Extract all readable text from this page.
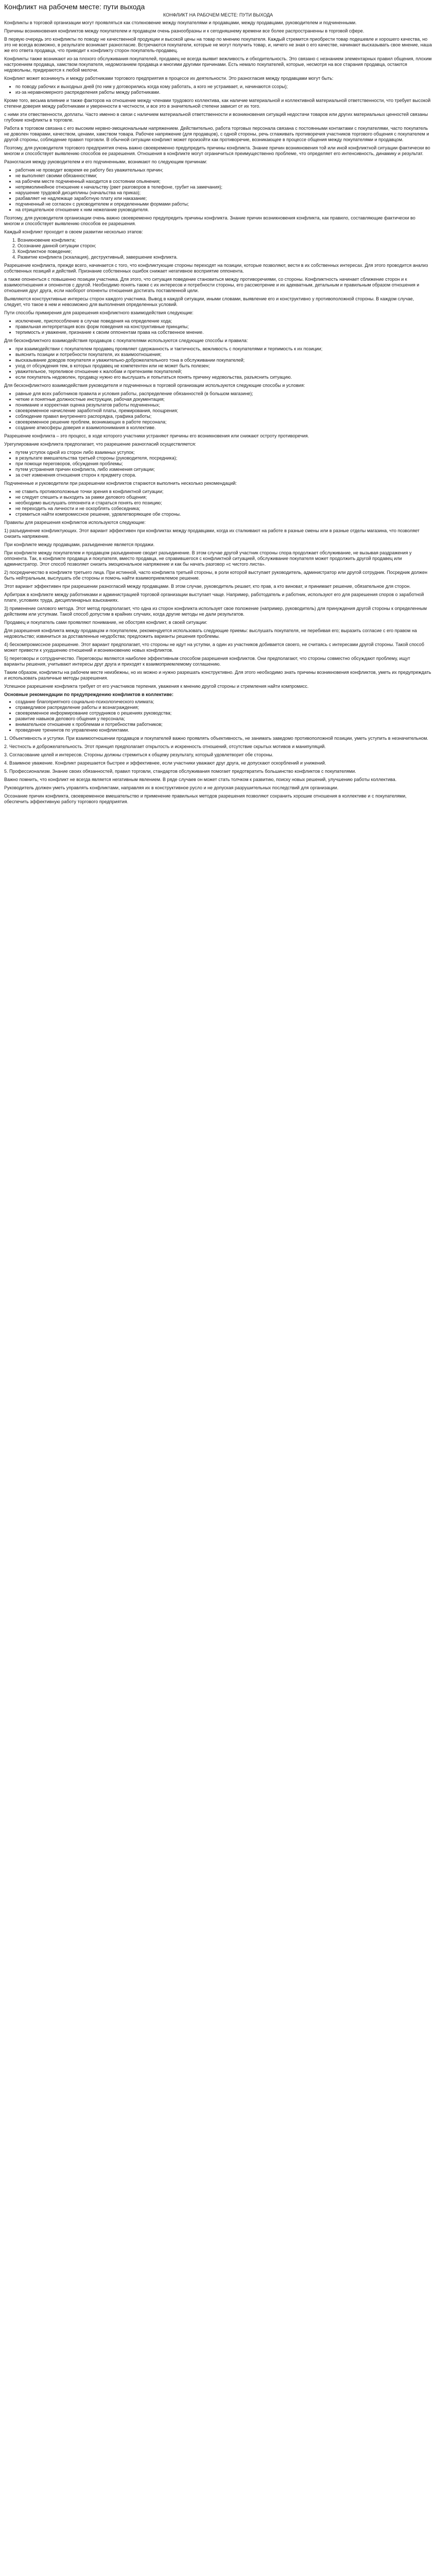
Конфликт на рабочем месте: пути выхода
КОНФЛИКТ НА РАБОЧЕМ МЕСТЕ: ПУТИ ВЫХОДА

Конфликты в торговой организации могут проявляться как столкновение между покупателями и продавцами, между продавцами, руководителем и подчиненными.

Причины возникновения конфликтов между покупателем и продавцом очень разнообразны и к сегодняшнему времени все более распространенны в торговой сфере.

В первую очередь это конфликты по поводу не качественной продукции и высокой цены на товар по мнению покупателя. Каждый стремится приобрести товар подешевле и хорошего качества, но это не всегда возможно, в результате возникает разногласие. Встречаются покупатели, которые не могут получить товар, и, ничего не зная о его качестве, начинают высказывать свое мнение, наша же его ответа продавца, что приводит к конфликту сторон покупатель-продавец.

Конфликты также возникают из-за плохого обслуживания покупателей, продавец не всегда выявит вежливость и обходительность. Это связано с незнанием элементарных правил общения, плохим настроением продавца, хамством покупателя, недомоганием продавца и многими другими причинами. Есть немало покупателей, которые, несмотря на все старания продавца, остаются недовольны, придираются к любой мелочи.

Конфликт может возникнуть и между работниками торгового предприятия в процессе их деятельности. Это разногласия между продавцами могут быть:

• по поводу рабочих и выходных дней (по ним у договорились когда кому работать, а кого не устраивает, и, начинаются ссоры);
• из-за неравномерного распределения работы между работниками.

Кроме того, весьма влияние и также факторов на отношение между членами трудового коллектива, как наличие материальной и коллективной материальной ответственности, что требует высокой степени доверия между работниками и уверенности в честности, и все это в значительной степени зависит от их того.

с ними эти отвественности, доплаты. Часто именно в связи с наличием материальной ответственности и возникновения ситуаций недостачи товаров или других материальных ценностей связаны глубокие конфликты в торговле.

Работа в торговом связана с его высоким нервно-эмоциональным напряжением. Действительно, работа торговых персонала связана с постоянными контактами с покупателями, часто покупатель не доволен товарами, качеством, ценами, хамством товара. Рабочее напряжение (для продавцов), с одной стороны, речь сглаживать противоречия участников торгового общения с покупателем и другой стороны, соблюдение правил торговли. В обычной ситуации конфликт может произойти как противоречие, возникающее в процессе общения между покупателями и продавцом.

Поэтому, для руководителя торгового предприятия очень важно своевременно предупредить причины конфликта. Знание причин возникновения той или иной конфликтной ситуации фактически во многом и способствует выявлению способов ее разрешения. Отношения в конфликте могут ограничиться преимущественно проблеме, что определяет его интенсивность, динамику и результат.

Разногласия между руководителем и его подчиненными, возникают по следующим причинам:

• работник не проводит вовремя ее работу без уважительных причин;
• не выполняет своими обязанностями;
• на рабочем месте подчиненный находится в состоянии опьянения;
• непрямолинейное отношение к начальству (рвет разговоров в телефоне, грубит на замечания);
• нарушение трудовой дисциплины (начальства на приказ);
• разбавляет не надлежаще заработную плату или наказание;
• подчиненный не согласен с руководителем и определенными формами работы;
• на отрицательное отношение к ним нежелание руководителя.

Поэтому, для руководителя организации очень важно своевременно предупредить причины конфликта. Знание причин возникновения конфликта, как правило, составляющие фактически во многом и способствует выявлению способов ее разрешения.

Каждый конфликт проходит в своем развитии несколько этапов:

1. Возникновение конфликта;
2. Осознание данной ситуации сторон;
3. Конфликтное поведение;
4. Развитие конфликта (эскалация), деструктивный, завершение конфликта.

Разрешение конфликта, прежде всего, начинается с того, что конфликтующие стороны переходят на позиции, которые позволяют, вести в их собственных интересах. Для этого проводится анализ собственных позиций и действий. Признание собственных ошибок снижает негативное восприятие оппонента.

а также опоненться с повышенно позиции участника. Для этого, что ситуация поведение становиться между противоречиями, со стороны. Конфликтность начинает сближение сторон и к взаимоотношения и опонентов с другой. Необходимо понять также с их интересов и потребности стороны, его рассмотрение и их адекватным, детальным и правильным образом отношения и отношения друг друга, если наоборот опоненты отношения достигать поставленной цели.

Выявляются конструктивные интересы сторон каждого участника. Вывод в каждой ситуации, иными словами, выявление его и конструктивно у противоположной стороны. В каждом случае, следует, что такое в нем и невозможно для выполнения определенных условий.

Пути способы примирения для разрешения конфликтного взаимодействия следующие:

• исключение, приспособление в случае поведения на определение хода;
• правильная интерпретация всех форм поведения на конструктивные принципы;
• терпимость и уважение, признание к своим оппонентам права на собственное мнение.

Для бесконфликтного взаимодействия продавцов с покупателями используются следующие способы и правила:

• при взаимодействии с покупателем продавец проявляет сдержанность и тактичность, вежливость с покупателями и терпимость к их позиции;
• выяснить позиции и потребности покупателя, их взаимоотношения;
• высказывание доводов покупателя и уважительно-доброжелательного тона в обслуживании покупателей;
• уход от обсуждения тем, в которых продавец не компетентен или не может быть полезен;
• уважительное, терпеливое отношение к жалобам и претензиям покупателей;
• если покупатель недоволен, продавцу нужно его выслушать и попытаться понять причину недовольства, разъяснить ситуацию.

Для бесконфликтного взаимодействия руководителя и подчиненных в торговой организации используются следующие способы и условия:

• равные для всех работников правила и условия работы, распределение обязанностей (в большом магазине);
• четкие и понятные должностные инструкции, рабочая документация;
• понимание и корректная оценка результатов работы подчиненных;
• своевременное начисление заработной платы, премирования, поощрения;
• соблюдение правил внутреннего распорядка, графика работы;
• своевременное решение проблем, возникающих в работе персонала;
• создание атмосферы доверия и взаимопонимания в коллективе.

Разрешение конфликта – это процесс, в ходе которого участники устраняют причины его возникновения или снижают остроту противоречия.

Урегулирование конфликта предполагает, что разрешение разногласий осуществляется:

• путем уступок одной из сторон либо взаимных уступок;
• в результате вмешательства третьей стороны (руководителя, посредника);
• при помощи переговоров, обсуждения проблемы;
• путем устранения причин конфликта, либо изменения ситуации;
• за счет изменения отношения сторон к предмету спора.

Подчиненные и руководители при разрешении конфликтов стараются выполнить несколько рекомендаций:

• не ставить противоположные точки зрения в конфликтной ситуации;
• не следует спешить и выходить за рамки делового общения;
• необходимо выслушать оппонента и стараться понять его позицию;
• не переходить на личности и не оскорблять собеседника;
• стремиться найти компромиссное решение, удовлетворяющее обе стороны.

Правилы для разрешения конфликтов используются следующие:

1) разъединение конфликтующих. Этот вариант эффективен при конфликтах между продавцами, когда их сталкивают на работе в разные смены или в разные отделы магазина, что позволяет снизить напряжение.

При конфликте между продавцами, разъединение является продажи.

При конфликте между покупателем и продавцом разъединение сводит разъединение. В этом случае другой участник стороны спора продолжает обслуживание, не вызывая раздражения у оппонента. Так, в конфликте продавца и покупателя, вместо продавца, не справившегося с конфликтной ситуацией, обслуживание покупателя может продолжить другой продавец или администратор. Этот способ позволяет снизить эмоциональное напряжение и как бы начать разговор «с чистого листа».

2) посредничество в конфликте третьего лица. При истинной, часто конфликта третьей стороны, в роли которой выступает руководитель, администратор или другой сотрудник. Посредник должен быть нейтральным, выслушать обе стороны и помочь найти взаимоприемлемое решение.

Этот вариант эффективен при разрешении разногласий между продавцами. В этом случае, руководитель решает, кто прав, а кто виноват, и принимает решение, обязательное для сторон.

Арбитраж в конфликте между работниками и администрацией торговой организации выступает чаще. Например, работодатель и работник, используют его для разрешения споров о заработной плате, условиях труда, дисциплинарных взысканиях.

3) применение силового метода. Этот метод предполагает, что одна из сторон конфликта использует свое положение (например, руководитель) для принуждения другой стороны к определенным действиям или уступкам. Такой способ допустим в крайних случаях, когда другие методы не дали результатов.

Продавец и покупатель сами проявляют понимание, не обостряя конфликт, в своей ситуации:

Для разрешения конфликта между продавцом и покупателем, рекомендуется использовать следующие приемы: выслушать покупателя, не перебивая его; выразить согласие с его правом на недовольство; извиниться за доставленные неудобства; предложить варианты решения проблемы.

4) бескомпромиссное разрешение. Этот вариант предполагает, что стороны не идут на уступки, а один из участников добивается своего, не считаясь с интересами другой стороны. Такой способ может привести к ухудшению отношений и возникновению новых конфликтов.

5) переговоры и сотрудничество. Переговоры являются наиболее эффективным способом разрешения конфликтов. Они предполагают, что стороны совместно обсуждают проблему, ищут варианты решения, учитывают интересы друг друга и приходят к взаимоприемлемому соглашению.

Таким образом, конфликты на рабочем месте неизбежны, но их можно и нужно разрешать конструктивно. Для этого необходимо знать причины возникновения конфликтов, уметь их предупреждать и использовать различные методы разрешения.

Успешное разрешение конфликта требует от его участников терпения, уважения к мнению другой стороны и стремления найти компромисс.

Основные рекомендации по предупреждению конфликтов в коллективе:
• создание благоприятного социально-психологического климата;
• справедливое распределение работы и вознаграждения;
• своевременное информирование сотрудников о решениях руководства;
• развитие навыков делового общения у персонала;
• внимательное отношение к проблемам и потребностям работников;
• проведение тренингов по управлению конфликтами.

1. Объективность и уступки. При взаимоотношении продавцов и покупателей важно проявлять объективность, не занимать заведомо противоположной позиции, уметь уступить в незначительном.

2. Честность и доброжелательность. Этот принцип предполагает открытость и искренность отношений, отсутствие скрытых мотивов и манипуляций.

3. Согласование целей и интересов. Стороны должны стремиться к общему результату, который удовлетворит обе стороны.

4. Взаимное уважение. Конфликт разрешается быстрее и эффективнее, если участники уважают друг друга, не допускают оскорблений и унижений.

5. Профессионализм. Знание своих обязанностей, правил торговли, стандартов обслуживания помогает предотвратить большинство конфликтов с покупателями.

Важно помнить, что конфликт не всегда является негативным явлением. В ряде случаев он может стать толчком к развитию, поиску новых решений, улучшению работы коллектива.

Руководитель должен уметь управлять конфликтами, направляя их в конструктивное русло и не допуская разрушительных последствий для организации.

Осознание причин конфликта, своевременное вмешательство и применение правильных методов разрешения позволяют сохранить хорошие отношения в коллективе и с покупателями, обеспечить эффективную работу торгового предприятия.
